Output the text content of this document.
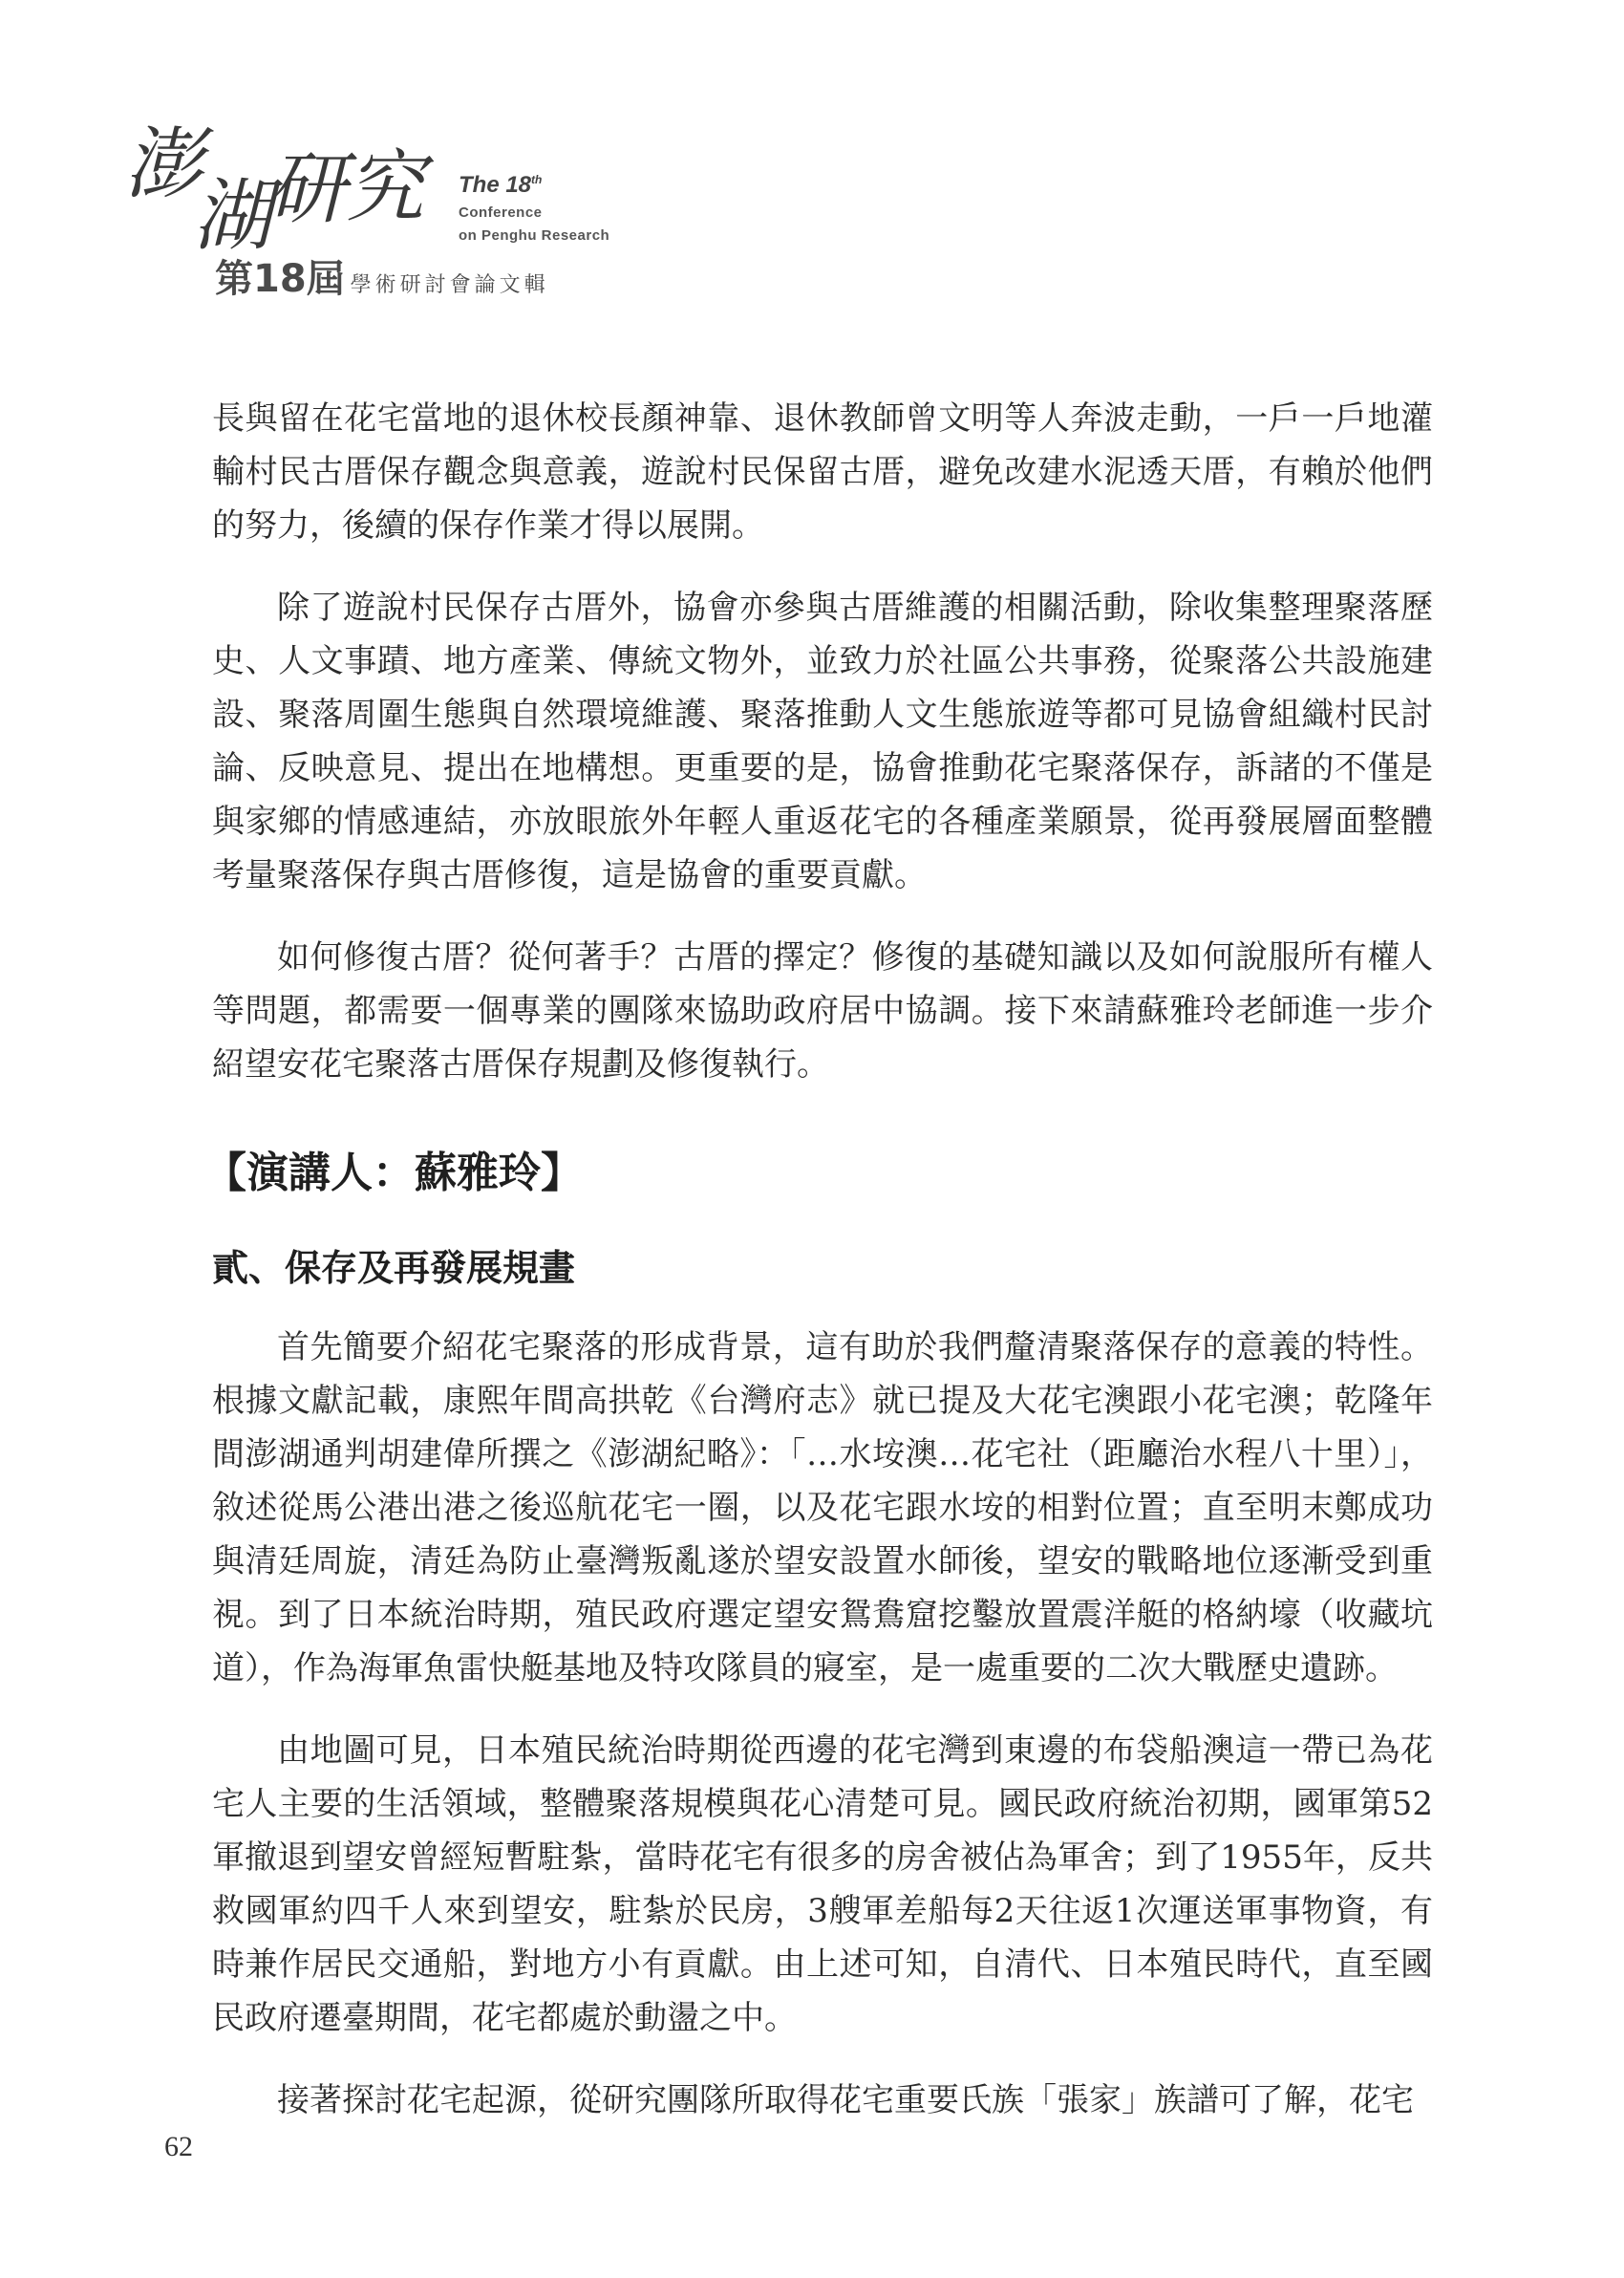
澎
湖
研 究 The 18th
Conference
on Penghu Research
第18屆 學術研討會論文輯

長與留在花宅當地的退休校長顏神靠、退休教師曾文明等人奔波走動，一戶一戶地灌輸村民古厝保存觀念與意義，遊說村民保留古厝，避免改建水泥透天厝，有賴於他們的努力，後續的保存作業才得以展開。

除了遊說村民保存古厝外，協會亦參與古厝維護的相關活動，除收集整理聚落歷史、人文事蹟、地方產業、傳統文物外，並致力於社區公共事務，從聚落公共設施建設、聚落周圍生態與自然環境維護、聚落推動人文生態旅遊等都可見協會組織村民討論、反映意見、提出在地構想。更重要的是，協會推動花宅聚落保存，訴諸的不僅是與家鄉的情感連結，亦放眼旅外年輕人重返花宅的各種產業願景，從再發展層面整體考量聚落保存與古厝修復，這是協會的重要貢獻。

如何修復古厝？從何著手？古厝的擇定？修復的基礎知識以及如何說服所有權人等問題，都需要一個專業的團隊來協助政府居中協調。接下來請蘇雅玲老師進一步介紹望安花宅聚落古厝保存規劃及修復執行。

【演講人：蘇雅玲】
貳、保存及再發展規畫

首先簡要介紹花宅聚落的形成背景，這有助於我們釐清聚落保存的意義的特性。根據文獻記載，康熙年間高拱乾《台灣府志》就已提及大花宅澳跟小花宅澳；乾隆年間澎湖通判胡建偉所撰之《澎湖紀略》：「…水垵澳…花宅社（距廳治水程八十里）」，敘述從馬公港出港之後巡航花宅一圈，以及花宅跟水垵的相對位置；直至明末鄭成功與清廷周旋，清廷為防止臺灣叛亂遂於望安設置水師後，望安的戰略地位逐漸受到重視。到了日本統治時期，殖民政府選定望安鴛鴦窟挖鑿放置震洋艇的格納壕（收藏坑道），作為海軍魚雷快艇基地及特攻隊員的寢室，是一處重要的二次大戰歷史遺跡。

由地圖可見，日本殖民統治時期從西邊的花宅灣到東邊的布袋船澳這一帶已為花宅人主要的生活領域，整體聚落規模與花心清楚可見。國民政府統治初期，國軍第52軍撤退到望安曾經短暫駐紮，當時花宅有很多的房舍被佔為軍舍；到了1955年，反共救國軍約四千人來到望安，駐紮於民房，3艘軍差船每2天往返1次運送軍事物資，有時兼作居民交通船，對地方小有貢獻。由上述可知，自清代、日本殖民時代，直至國民政府遷臺期間，花宅都處於動盪之中。

接著探討花宅起源，從研究團隊所取得花宅重要氏族「張家」族譜可了解，花宅

62
